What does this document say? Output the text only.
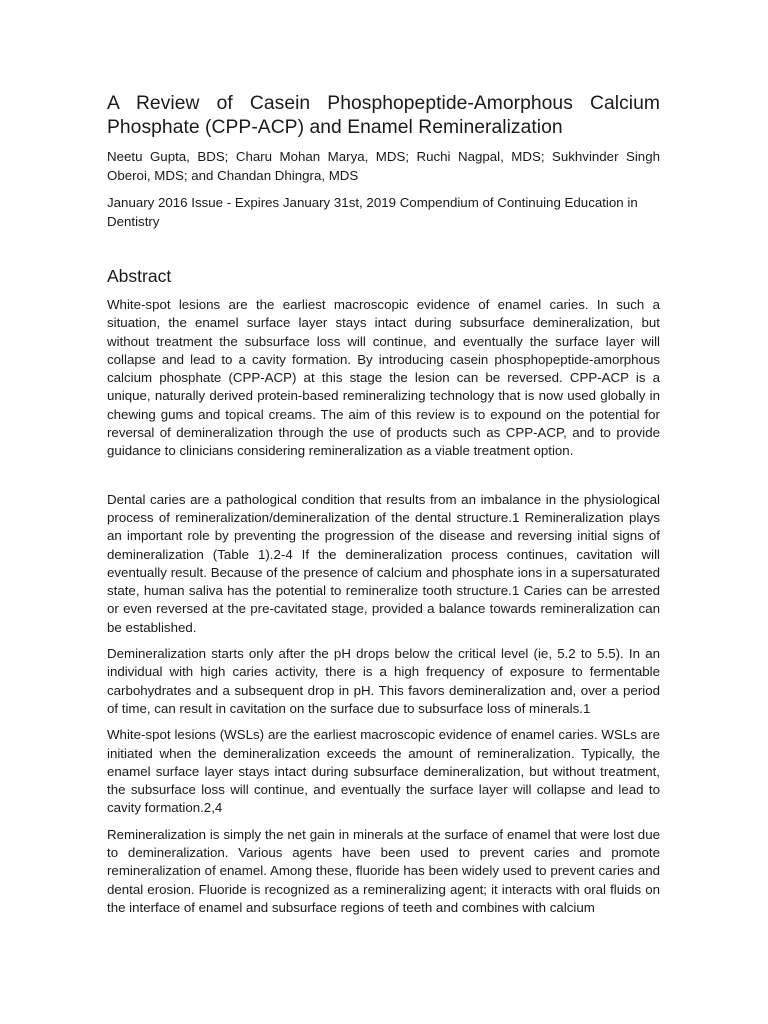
A Review of Casein Phosphopeptide-Amorphous Calcium Phosphate (CPP-ACP) and Enamel Remineralization

Neetu Gupta, BDS; Charu Mohan Marya, MDS; Ruchi Nagpal, MDS; Sukhvinder Singh Oberoi, MDS; and Chandan Dhingra, MDS

January 2016 Issue - Expires January 31st, 2019 Compendium of Continuing Education in Dentistry

Abstract

White-spot lesions are the earliest macroscopic evidence of enamel caries. In such a situation, the enamel surface layer stays intact during subsurface demineralization, but without treatment the subsurface loss will continue, and eventually the surface layer will collapse and lead to a cavity formation. By introducing casein phosphopeptide-amorphous calcium phosphate (CPP-ACP) at this stage the lesion can be reversed. CPP-ACP is a unique, naturally derived protein-based remineralizing technology that is now used globally in chewing gums and topical creams. The aim of this review is to expound on the potential for reversal of demineralization through the use of products such as CPP-ACP, and to provide guidance to clinicians considering remineralization as a viable treatment option.

Dental caries are a pathological condition that results from an imbalance in the physiological process of remineralization/demineralization of the dental structure.1 Remineralization plays an important role by preventing the progression of the disease and reversing initial signs of demineralization (Table 1).2-4 If the demineralization process continues, cavitation will eventually result. Because of the presence of calcium and phosphate ions in a supersaturated state, human saliva has the potential to remineralize tooth structure.1 Caries can be arrested or even reversed at the pre-cavitated stage, provided a balance towards remineralization can be established.

Demineralization starts only after the pH drops below the critical level (ie, 5.2 to 5.5). In an individual with high caries activity, there is a high frequency of exposure to fermentable carbohydrates and a subsequent drop in pH. This favors demineralization and, over a period of time, can result in cavitation on the surface due to subsurface loss of minerals.1

White-spot lesions (WSLs) are the earliest macroscopic evidence of enamel caries. WSLs are initiated when the demineralization exceeds the amount of remineralization. Typically, the enamel surface layer stays intact during subsurface demineralization, but without treatment, the subsurface loss will continue, and eventually the surface layer will collapse and lead to cavity formation.2,4

Remineralization is simply the net gain in minerals at the surface of enamel that were lost due to demineralization. Various agents have been used to prevent caries and promote remineralization of enamel. Among these, fluoride has been widely used to prevent caries and dental erosion. Fluoride is recognized as a remineralizing agent; it interacts with oral fluids on the interface of enamel and subsurface regions of teeth and combines with calcium
